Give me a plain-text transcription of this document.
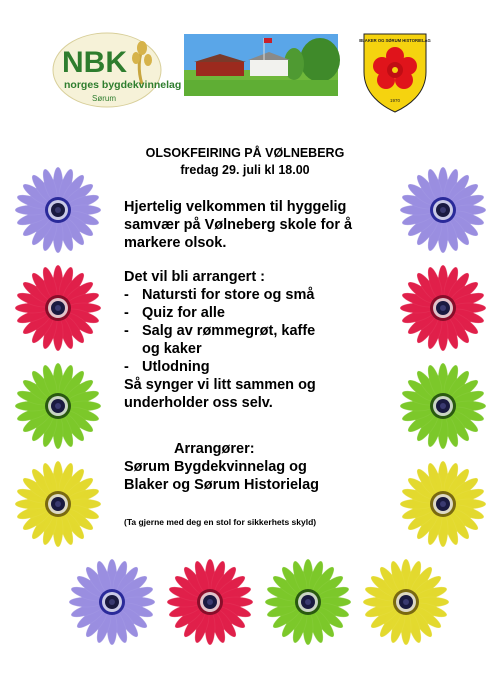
NBK
norges bygdekvinnelag
Sørum
BLAKER OG SØRUM HISTORIELAG
1970
OLSOKFEIRING PÅ VØLNEBERG
fredag 29. juli kl 18.00
Hjertelig velkommen til hyggelig
samvær på Vølneberg skole for å
markere olsok.
Det vil bli arrangert :
- Natursti for store og små
- Quiz for alle
- Salg av rømmegrøt, kaffe
og kaker
- Utlodning
Så synger vi litt sammen og
underholder oss selv.
Arrangører:
Sørum Bygdekvinnelag og
Blaker og Sørum Historielag
(Ta gjerne med deg en stol for sikkerhets skyld)
